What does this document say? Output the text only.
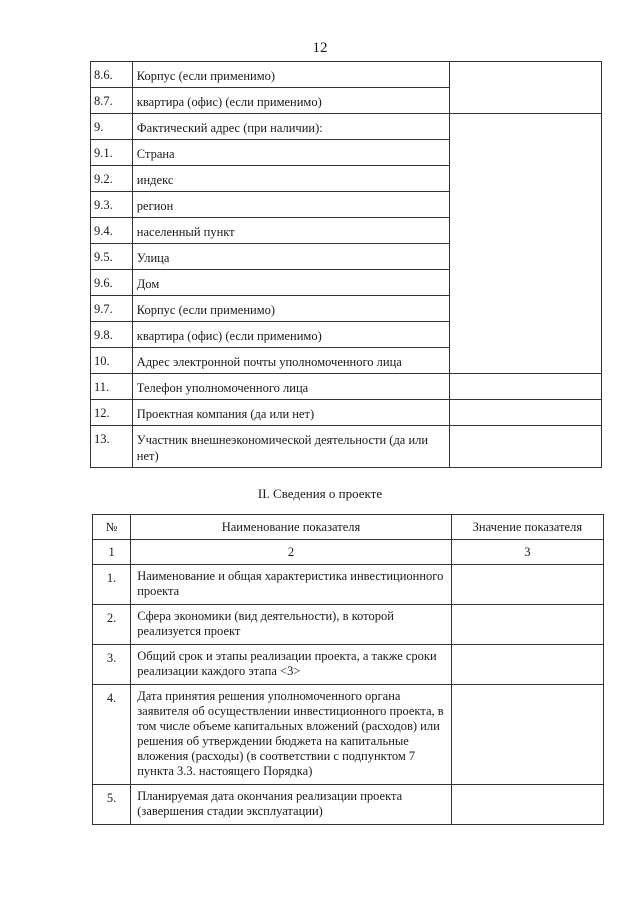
12
8.6.	Корпус (если применимо)	
8.7.	квартира (офис) (если применимо)	
9.	Фактический адрес (при наличии):	
9.1.	Страна	
9.2.	индекс	
9.3.	регион	
9.4.	населенный пункт	
9.5.	Улица	
9.6.	Дом	
9.7.	Корпус (если применимо)	
9.8.	квартира (офис) (если применимо)	
10.	Адрес электронной почты уполномоченного лица	
11.	Телефон уполномоченного лица	
12.	Проектная компания (да или нет)	
13.	Участник внешнеэкономической деятельности (да или нет)	
II. Сведения о проекте
№	Наименование показателя	Значение показателя
1	2	3
1.	Наименование и общая характеристика инвестиционного проекта	
2.	Сфера экономики (вид деятельности), в которой реализуется проект	
3.	Общий срок и этапы реализации проекта, а также сроки реализации каждого этапа <3>	
4.	Дата принятия решения уполномоченного органа заявителя об осуществлении инвестиционного проекта, в том числе объеме капитальных вложений (расходов) или решения об утверждении бюджета на капитальные вложения (расходы) (в соответствии с подпунктом 7 пункта 3.3. настоящего Порядка)	
5.	Планируемая дата окончания реализации проекта (завершения стадии эксплуатации)	
